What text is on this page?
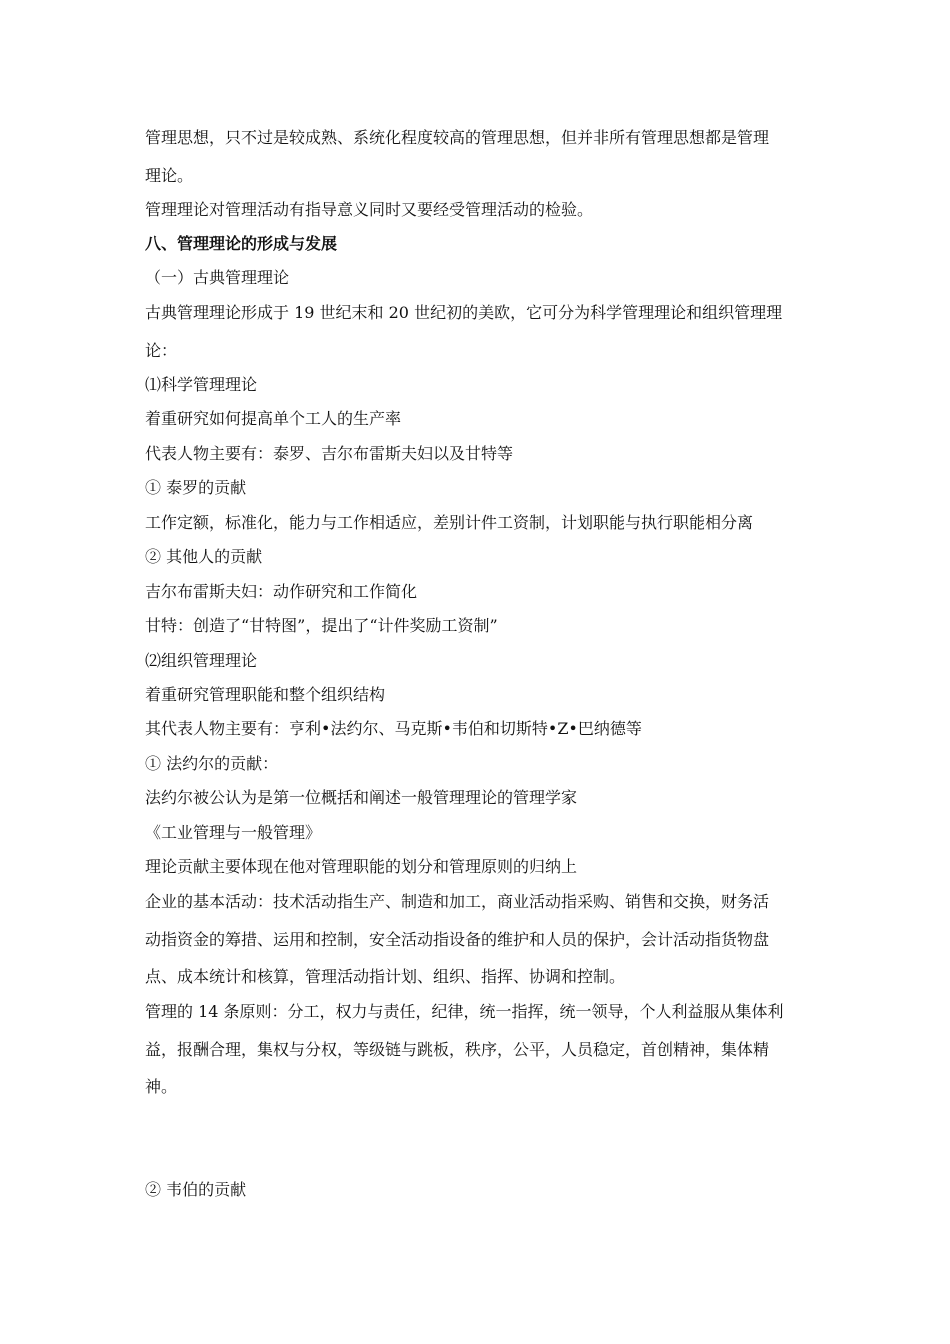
管理思想，只不过是较成熟、系统化程度较高的管理思想，但并非所有管理思想都是管理
理论。
管理理论对管理活动有指导意义同时又要经受管理活动的检验。
八、管理理论的形成与发展
（一）古典管理理论
古典管理理论形成于 19 世纪末和 20 世纪初的美欧，它可分为科学管理理论和组织管理理
论：
⑴科学管理理论
着重研究如何提高单个工人的生产率
代表人物主要有：泰罗、吉尔布雷斯夫妇以及甘特等
① 泰罗的贡献
工作定额，标准化，能力与工作相适应，差别计件工资制，计划职能与执行职能相分离
② 其他人的贡献
吉尔布雷斯夫妇：动作研究和工作简化
甘特：创造了“甘特图”，提出了“计件奖励工资制”
⑵组织管理理论
着重研究管理职能和整个组织结构
其代表人物主要有：亨利•法约尔、马克斯•韦伯和切斯特•Z•巴纳德等
① 法约尔的贡献：
法约尔被公认为是第一位概括和阐述一般管理理论的管理学家
《工业管理与一般管理》
理论贡献主要体现在他对管理职能的划分和管理原则的归纳上
企业的基本活动：技术活动指生产、制造和加工，商业活动指采购、销售和交换，财务活
动指资金的筹措、运用和控制，安全活动指设备的维护和人员的保护，会计活动指货物盘
点、成本统计和核算，管理活动指计划、组织、指挥、协调和控制。
管理的 14 条原则：分工，权力与责任，纪律，统一指挥，统一领导，个人利益服从集体利
益，报酬合理，集权与分权，等级链与跳板，秩序，公平，人员稳定，首创精神，集体精
神。
② 韦伯的贡献
